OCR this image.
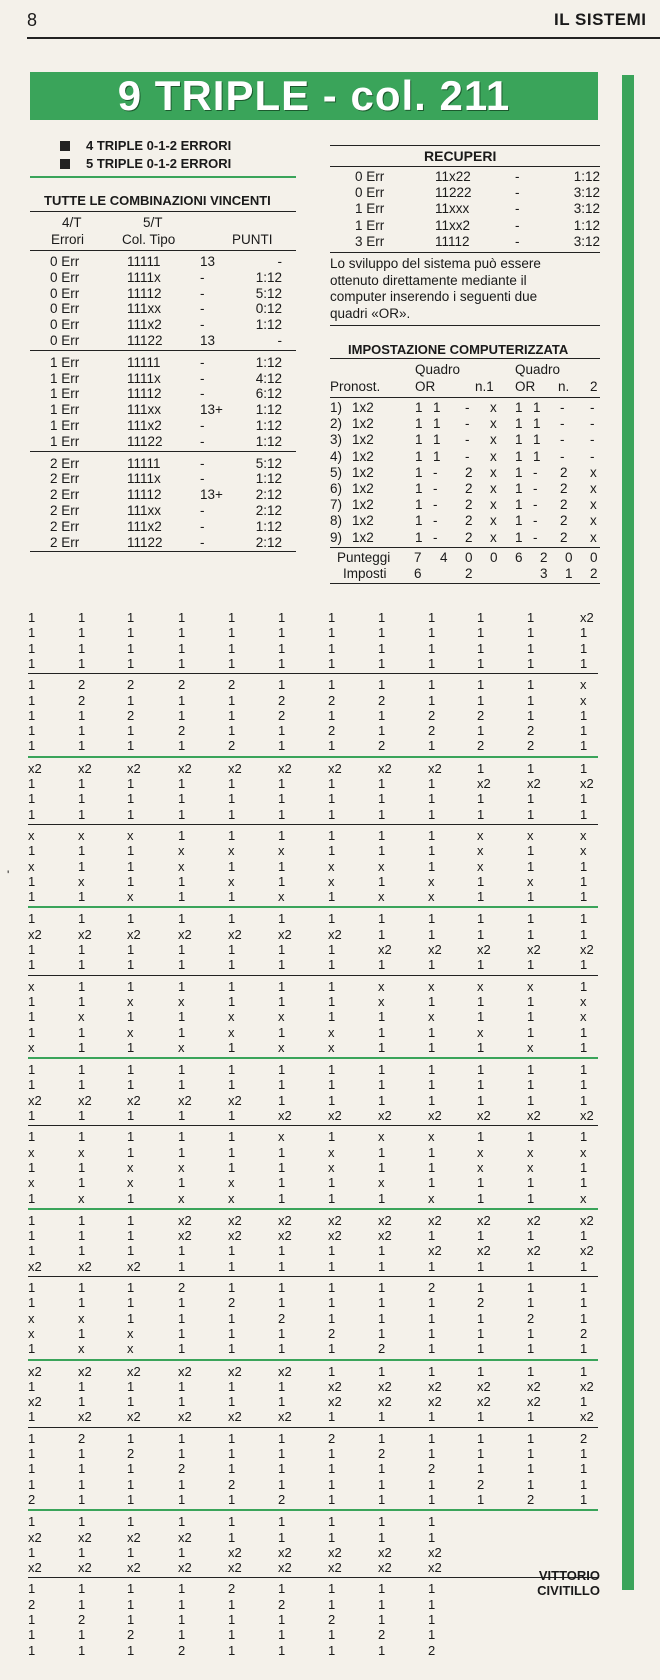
8	IL SISTEMI
'
9 TRIPLE - col. 211
4 TRIPLE 0-1-2 ERRORI
5 TRIPLE 0-1-2 ERRORI
TUTTE LE COMBINAZIONI VINCENTI
4/T
Errori
5/T
Col. Tipo	PUNTI
0 Err	11111	13	-
0 Err	1111x	-	1:12
0 Err	11112	-	5:12
0 Err	111xx	-	0:12
0 Err	111x2	-	1:12
0 Err	11122	13	-
1 Err	11111	-	1:12
1 Err	1111x	-	4:12
1 Err	11112	-	6:12
1 Err	111xx	13+ 1:12
1 Err	111x2	-	1:12
1 Err	11122	-	1:12
2 Err	11111	-	5:12
2 Err	1111x	-	1:12
2 Err	11112	13+ 2:12
2 Err	111xx	-	2:12
2 Err	111x2	-	1:12
2 Err	11122	-	2:12
RECUPERI
0 Err	11x22	-	1:12
0 Err	11222	-	3:12
1 Err	11xxx	-	3:12
1 Err	11xx2	-	1:12
3 Err	11112	-	3:12
Lo sviluppo del sistema può essere
ottenuto direttamente mediante il
computer inserendo i seguenti due
quadri «OR».
IMPOSTAZIONE COMPUTERIZZATA
Quadro
OR	n.1
Quadro
OR n. 2
Pronost.
1) 1x2	1 1 - x 1 1 - -
2) 1x2	1 1 - x 1 1 - -
3) 1x2	1 1 - x 1 1 - -
4) 1x2	1 1 - x 1 1 - -
5) 1x2	1 - 2 x 1 - 2 x
6) 1x2	1 - 2 x 1 - 2 x
7) 1x2	1 - 2 x 1 - 2 x
8) 1x2	1 - 2 x 1 - 2 x
9) 1x2	1 - 2 x 1 - 2 x
Punteggi 7 4 0 0 6 2 0 0
Imposti 6	2	3 1 2
1	1	1	1	1	1	1	1	1	1	1	x2
1	1	1	1	1	1	1	1	1	1	1	1
1	1	1	1	1	1	1	1	1	1	1	1
1	1	1	1	1	1	1	1	1	1	1	1
1	2	2	2	2	1	1	1	1	1	1	x
1	2	1	1	1	2	2	2	1	1	1	x
1	1	2	1	1	2	1	1	2	2	1	1
1	1	1	2	1	1	2	1	2	1	2	1
1	1	1	1	2	1	1	2	1	2	2	1
x2	x2	x2	x2	x2	x2	x2	x2	x2	1	1	1
1	1	1	1	1	1	1	1	1	x2	x2	x2
1	1	1	1	1	1	1	1	1	1	1	1
1	1	1	1	1	1	1	1	1	1	1	1
x	x	x	1	1	1	1	1	1	x	x	x
1	1	1	x	x	x	1	1	1	x	1	x
x	1	1	x	1	1	x	x	1	x	1	1
1	x	1	1	x	1	x	1	x	1	x	1
1	1	x	1	1	x	1	x	x	1	1	1
1	1	1	1	1	1	1	1	1	1	1	1
x2	x2	x2	x2	x2	x2	x2	1	1	1	1	1
1	1	1	1	1	1	1	x2	x2	x2	x2	x2
1	1	1	1	1	1	1	1	1	1	1	1
x	1	1	1	1	1	1	x	x	x	x	1
1	1	x	x	1	1	1	x	1	1	1	x
1	x	1	1	x	x	1	1	x	1	1	x
1	1	x	1	x	1	x	1	1	x	1	1
x	1	1	x	1	x	x	1	1	1	x	1
1	1	1	1	1	1	1	1	1	1	1	1
1	1	1	1	1	1	1	1	1	1	1	1
x2	x2	x2	x2	x2	1	1	1	1	1	1	1
1	1	1	1	1	x2	x2	x2	x2	x2	x2	x2
1	1	1	1	1	x	1	x	x	1	1	1
x	x	1	1	1	1	x	1	1	x	x	x
1	1	x	x	1	1	x	1	1	x	x	1
x	1	x	1	x	1	1	x	1	1	1	1
1	x	1	x	x	1	1	1	x	1	1	x
1	1	1	x2	x2	x2	x2	x2	x2	x2	x2	x2
1	1	1	x2	x2	x2	x2	x2	1	1	1	1
1	1	1	1	1	1	1	1	x2	x2	x2	x2
x2	x2	x2	1	1	1	1	1	1	1	1	1
1	1	1	2	1	1	1	1	2	1	1	1
1	1	1	1	2	1	1	1	1	2	1	1
x	x	1	1	1	2	1	1	1	1	2	1
x	1	x	1	1	1	2	1	1	1	1	2
1	x	x	1	1	1	1	2	1	1	1	1
x2	x2	x2	x2	x2	x2	1	1	1	1	1	1
1	1	1	1	1	1	x2	x2	x2	x2	x2	x2
x2	1	1	1	1	1	x2	x2	x2	x2	x2	1
1	x2	x2	x2	x2	x2	1	1	1	1	1	x2
1	2	1	1	1	1	2	1	1	1	1	2
1	1	2	1	1	1	1	2	1	1	1	1
1	1	1	2	1	1	1	1	2	1	1	1
1	1	1	1	2	1	1	1	1	2	1	1
2	1	1	1	1	2	1	1	1	1	2	1
1	1	1	1	1	1	1	1	1
x2	x2	x2	x2	1	1	1	1	1
1	1	1	1	x2	x2	x2	x2	x2
x2	x2	x2	x2	x2	x2	x2	x2	x2
1	1	1	1	2	1	1	1	1
2	1	1	1	1	2	1	1	1
1	2	1	1	1	1	2	1	1
1	1	2	1	1	1	1	2	1
1	1	1	2	1	1	1	1	2
VITTORIO
CIVITILLO
